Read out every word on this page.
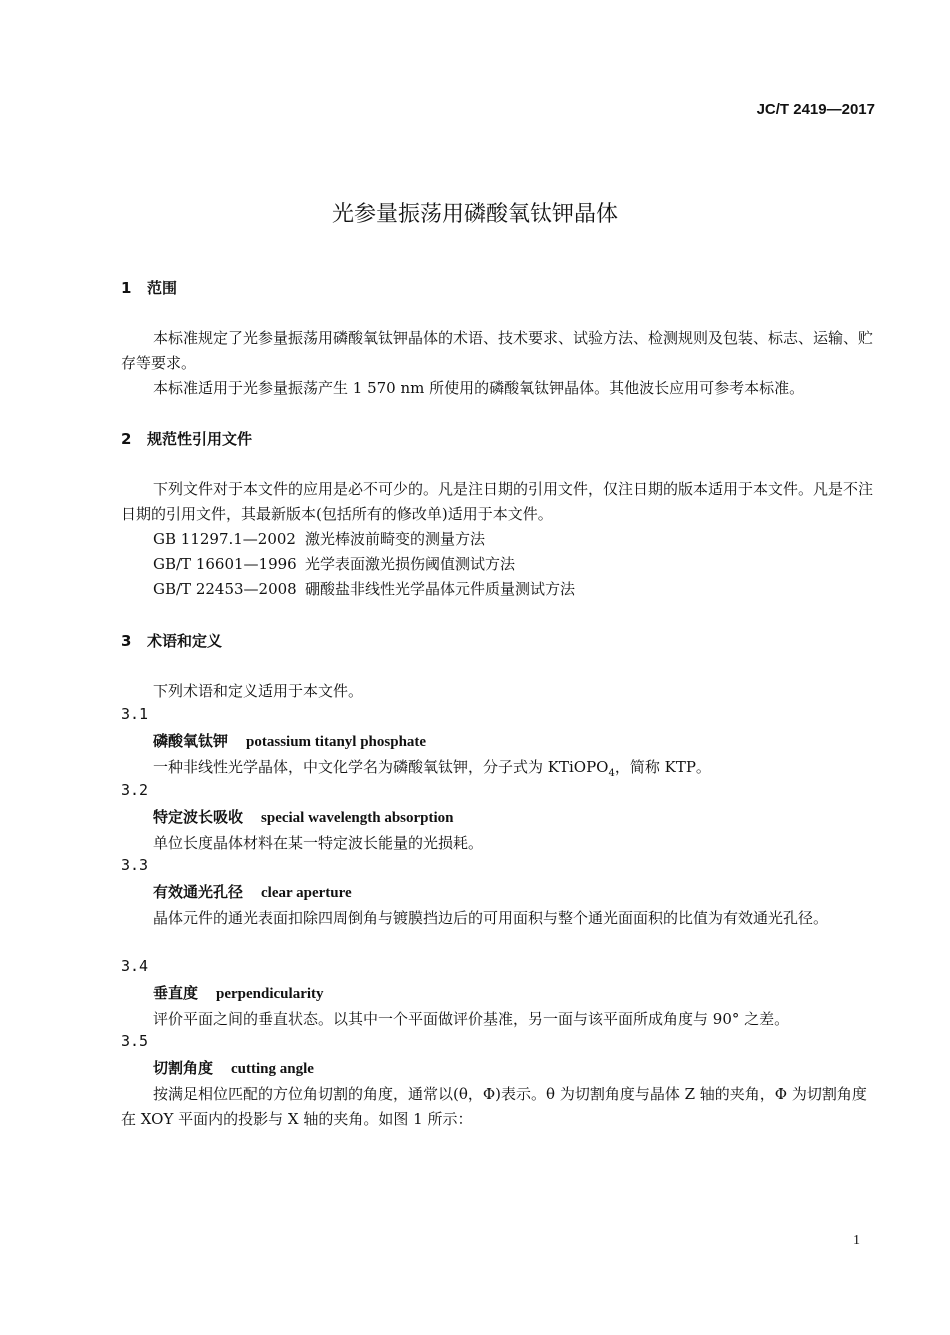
JC/T 2419—2017
光参量振荡用磷酸氧钛钾晶体
1 范围
本标准规定了光参量振荡用磷酸氧钛钾晶体的术语、技术要求、试验方法、检测规则及包装、标志、运输、贮存等要求。
本标准适用于光参量振荡产生 1 570 nm 所使用的磷酸氧钛钾晶体。其他波长应用可参考本标准。
2 规范性引用文件
下列文件对于本文件的应用是必不可少的。凡是注日期的引用文件，仅注日期的版本适用于本文件。凡是不注日期的引用文件，其最新版本(包括所有的修改单)适用于本文件。
GB 11297.1—2002 激光棒波前畸变的测量方法
GB/T 16601—1996 光学表面激光损伤阈值测试方法
GB/T 22453—2008 硼酸盐非线性光学晶体元件质量测试方法
3 术语和定义
下列术语和定义适用于本文件。
3.1
磷酸氧钛钾 potassium titanyl phosphate
一种非线性光学晶体，中文化学名为磷酸氧钛钾，分子式为 KTiOPO$_4$，简称 KTP。
3.2
特定波长吸收 special wavelength absorption
单位长度晶体材料在某一特定波长能量的光损耗。
3.3
有效通光孔径 clear aperture
晶体元件的通光表面扣除四周倒角与镀膜挡边后的可用面积与整个通光面面积的比值为有效通光孔径。
3.4
垂直度 perpendicularity
评价平面之间的垂直状态。以其中一个平面做评价基准，另一面与该平面所成角度与 90° 之差。
3.5
切割角度 cutting angle
按满足相位匹配的方位角切割的角度，通常以(θ，Φ)表示。θ 为切割角度与晶体 Z 轴的夹角，Φ 为切割角度在 XOY 平面内的投影与 X 轴的夹角。如图 1 所示：
1
